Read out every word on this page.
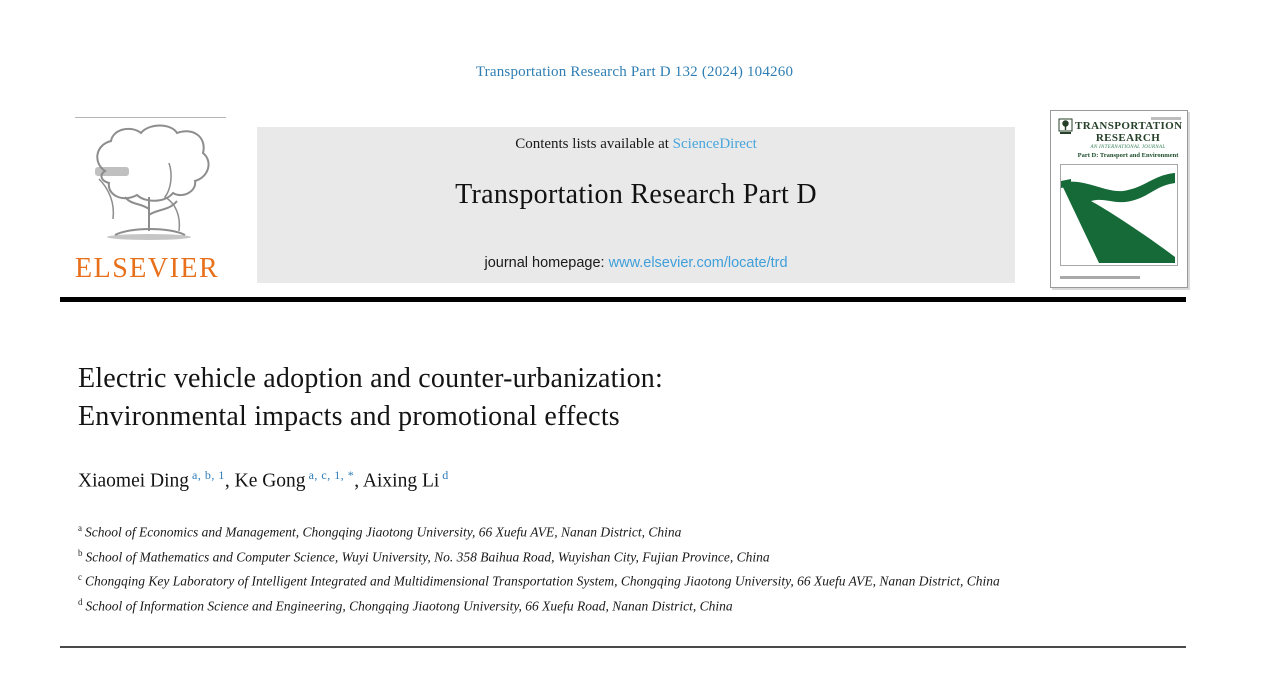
Transportation Research Part D 132 (2024) 104260
ELSEVIER
Contents lists available at ScienceDirect
Transportation Research Part D
journal homepage: www.elsevier.com/locate/trd
TRANSPORTATION
RESEARCH
AN INTERNATIONAL JOURNAL
Part D: Transport and Environment
Electric vehicle adoption and counter-urbanization:
Environmental impacts and promotional effects
Xiaomei Ding $^{a, b, 1}$, Ke Gong $^{a, c, 1, *}$, Aixing Li $^d$
$^a$ School of Economics and Management, Chongqing Jiaotong University, 66 Xuefu AVE, Nanan District, China
$^b$ School of Mathematics and Computer Science, Wuyi University, No. 358 Baihua Road, Wuyishan City, Fujian Province, China
$^c$ Chongqing Key Laboratory of Intelligent Integrated and Multidimensional Transportation System, Chongqing Jiaotong University, 66 Xuefu AVE, Nanan District, China
$^d$ School of Information Science and Engineering, Chongqing Jiaotong University, 66 Xuefu Road, Nanan District, China
